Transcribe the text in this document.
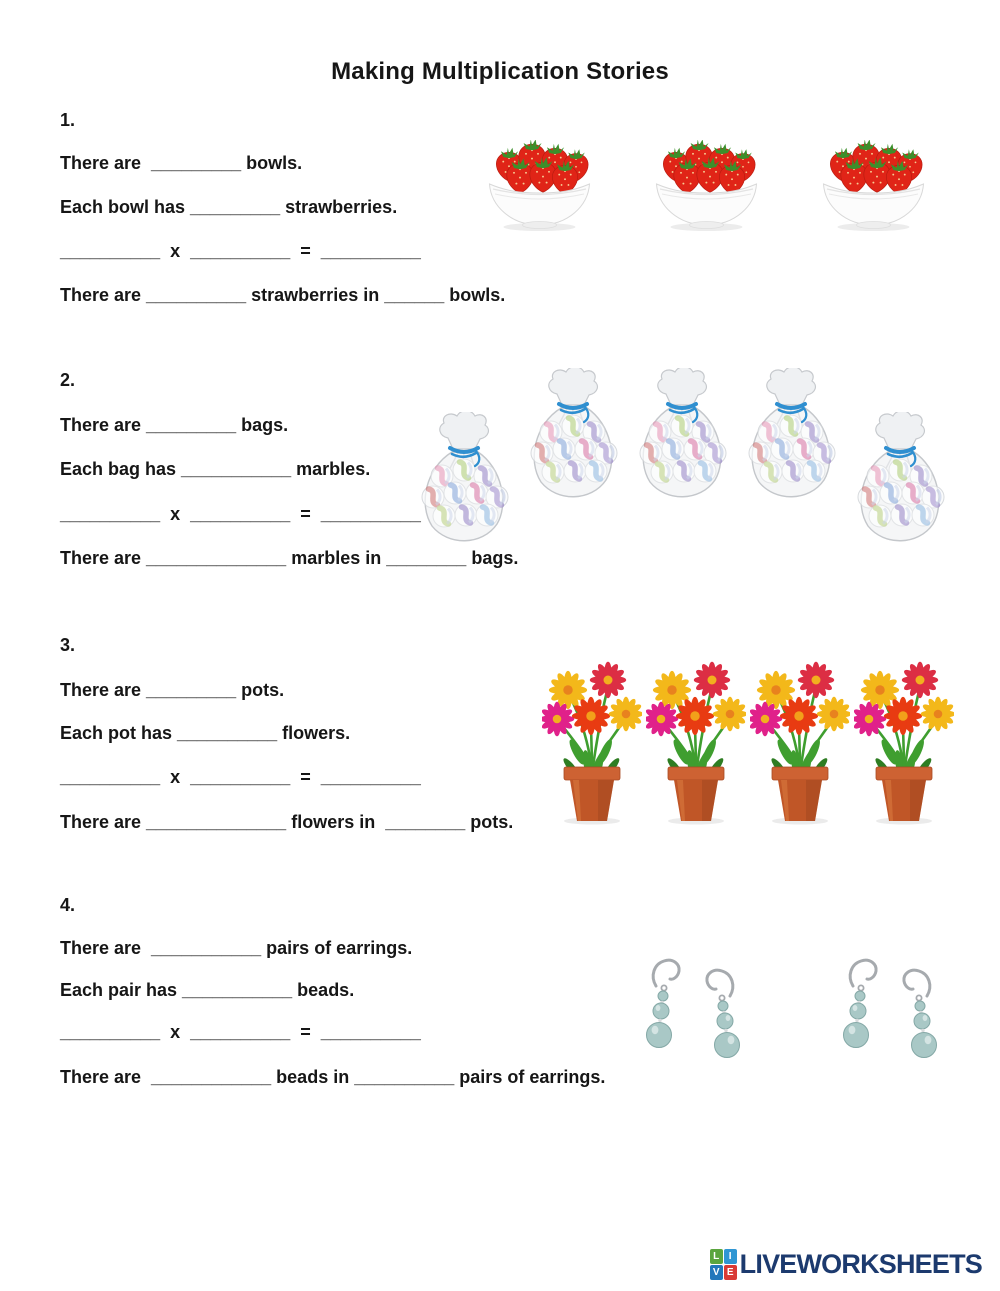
Making Multiplication Stories
1.
There are  _________ bowls.
Each bowl has _________ strawberries.
__________  x  __________  =  __________
There are __________ strawberries in ______ bowls.
2.
There are _________ bags.
Each bag has ___________ marbles.
__________  x  __________  =  __________
There are ______________ marbles in ________ bags.
3.
There are _________ pots.
Each pot has __________ flowers.
__________  x  __________  =  __________
There are ______________ flowers in  ________ pots.
4.
There are  ___________ pairs of earrings.
Each pair has ___________ beads.
__________  x  __________  =  __________
There are  ____________ beads in __________ pairs of earrings.
L I
V E LIVEWORKSHEETS
